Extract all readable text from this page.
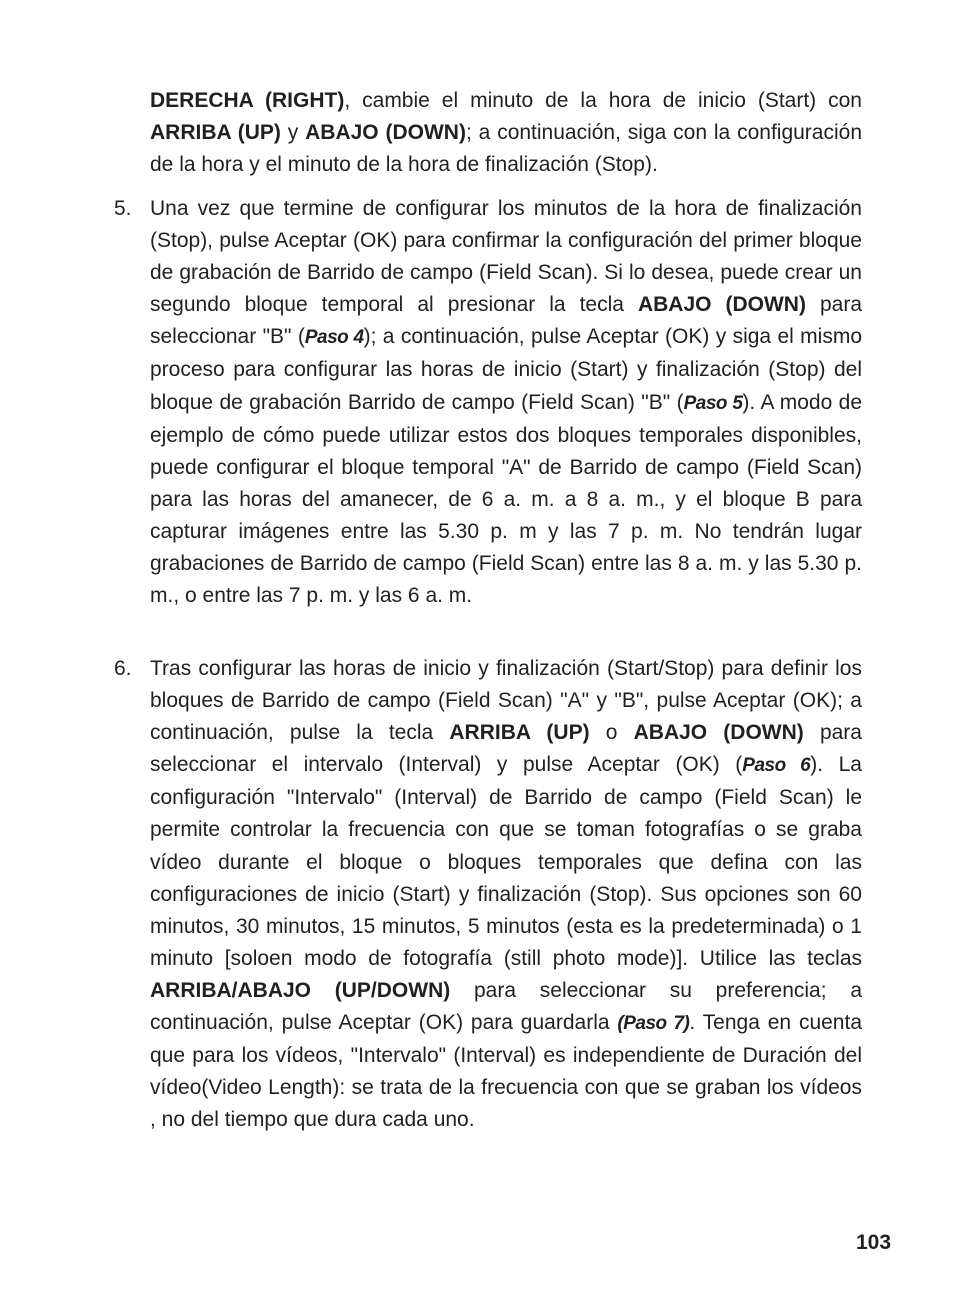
DERECHA (RIGHT), cambie el minuto de la hora de inicio (Start) con ARRIBA (UP) y ABAJO (DOWN); a continuación, siga con la configuración de la hora y el minuto de la hora de finalización (Stop).
5. Una vez que termine de configurar los minutos de la hora de finalización (Stop), pulse Aceptar (OK) para confirmar la configuración del primer bloque de grabación de Barrido de campo (Field Scan). Si lo desea, puede crear un segundo bloque temporal al presionar la tecla ABAJO (DOWN) para seleccionar "B" (Paso 4); a continuación, pulse Aceptar (OK) y siga el mismo proceso para configurar las horas de inicio (Start) y finalización (Stop) del bloque de grabación Barrido de campo (Field Scan) "B" (Paso 5). A modo de ejemplo de cómo puede utilizar estos dos bloques temporales disponibles, puede configurar el bloque temporal "A" de Barrido de campo (Field Scan) para las horas del amanecer, de 6 a. m. a 8 a. m., y el bloque B para capturar imágenes entre las 5.30 p. m y las 7 p. m. No tendrán lugar grabaciones de Barrido de campo (Field Scan) entre las 8 a. m. y las 5.30 p. m., o entre las 7 p. m. y las 6 a. m.
6. Tras configurar las horas de inicio y finalización (Start/Stop) para definir los bloques de Barrido de campo (Field Scan) "A" y "B", pulse Aceptar (OK); a continuación, pulse la tecla ARRIBA (UP) o ABAJO (DOWN) para seleccionar el intervalo (Interval) y pulse Aceptar (OK) (Paso 6). La configuración "Intervalo" (Interval) de Barrido de campo (Field Scan) le permite controlar la frecuencia con que se toman fotografías o se graba vídeo durante el bloque o bloques temporales que defina con las configuraciones de inicio (Start) y finalización (Stop). Sus opciones son 60 minutos, 30 minutos, 15 minutos, 5 minutos (esta es la predeterminada) o 1 minuto [soloen modo de fotografía (still photo mode)]. Utilice las teclas ARRIBA/ABAJO (UP/DOWN) para seleccionar su preferencia; a continuación, pulse Aceptar (OK) para guardarla (Paso 7). Tenga en cuenta que para los vídeos, "Intervalo" (Interval) es independiente de Duración del vídeo(Video Length): se trata de la frecuencia con que se graban los vídeos , no del tiempo que dura cada uno.
103
